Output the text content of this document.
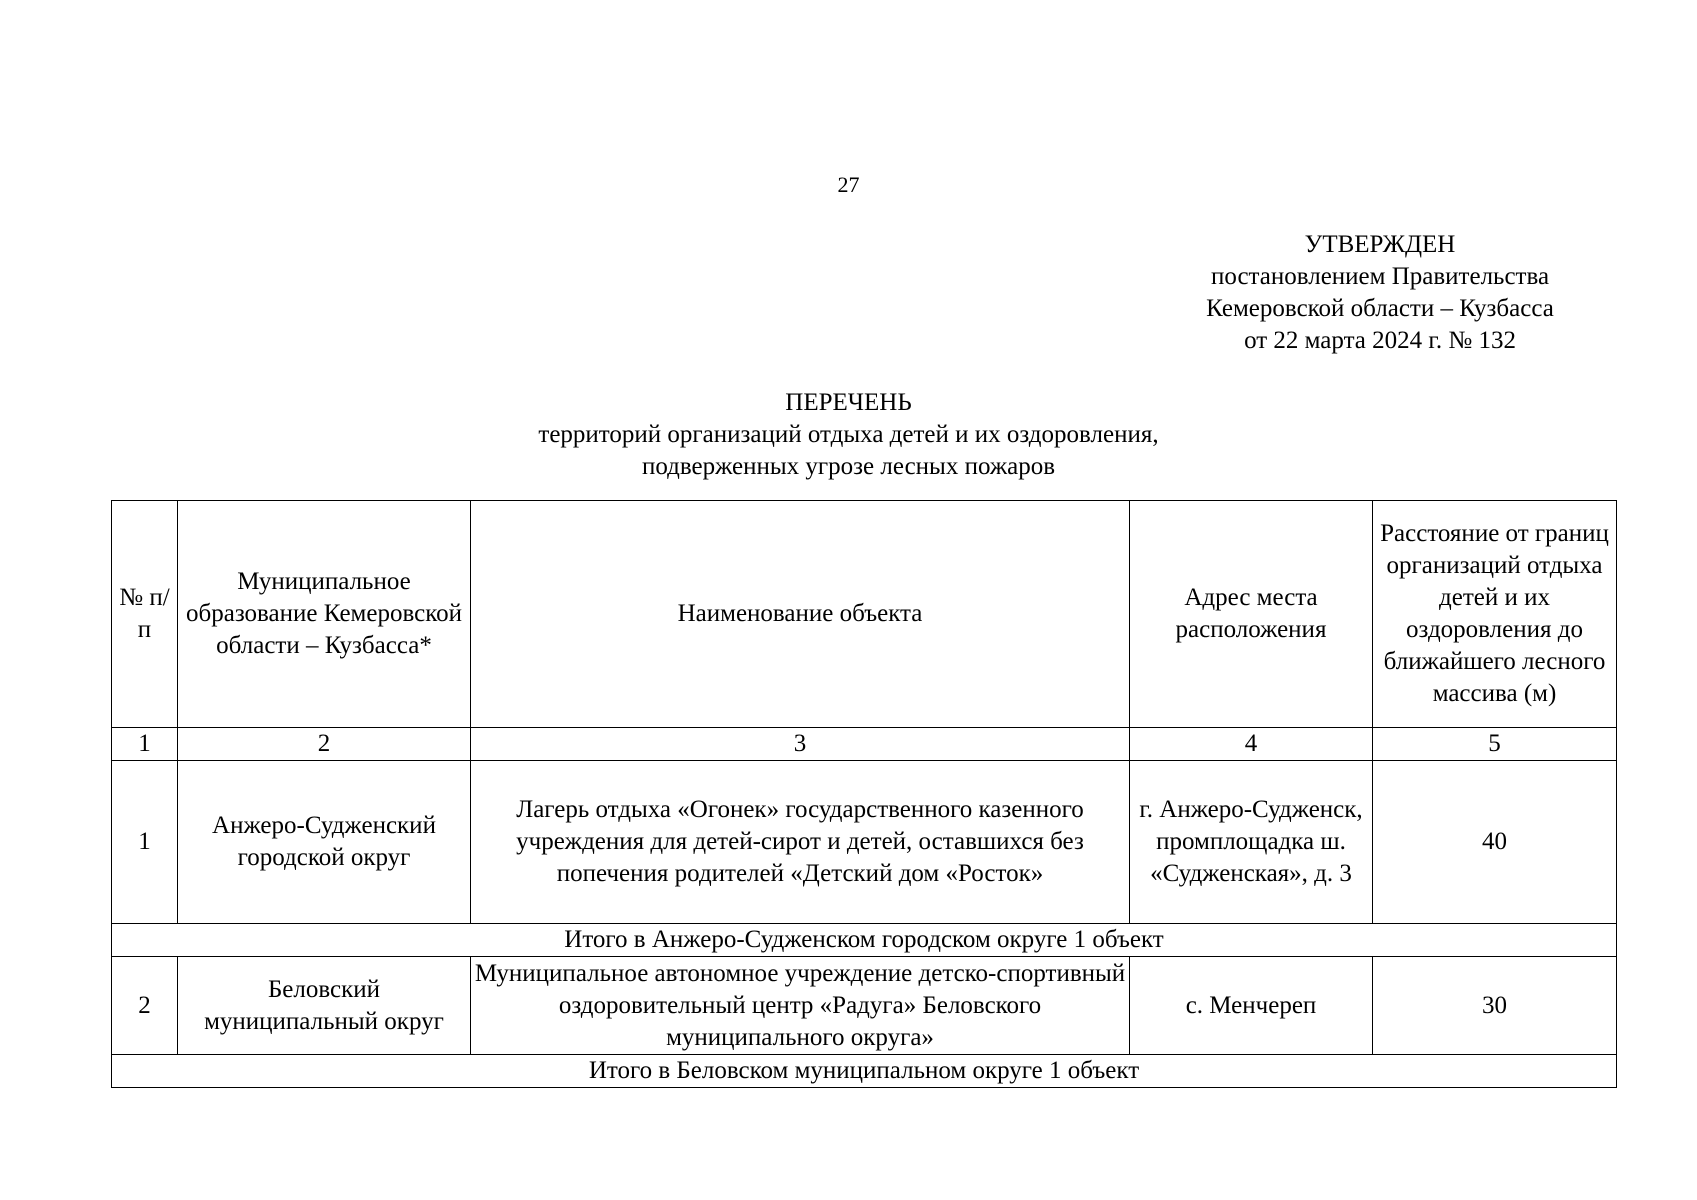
27
УТВЕРЖДЕН
постановлением Правительства
Кемеровской области – Кузбасса
от 22 марта 2024 г. № 132
ПЕРЕЧЕНЬ
территорий организаций отдыха детей и их оздоровления,
подверженных угрозе лесных пожаров
№ п/п	Муниципальное образование Кемеровской области – Кузбасса*	Наименование объекта	Адрес места расположения	Расстояние от границ организаций отдыха детей и их оздоровления до ближайшего лесного массива (м)
1	2	3	4	5
1	Анжеро-Судженский городской округ	Лагерь отдыха «Огонек» государственного казенного учреждения для детей-сирот и детей, оставшихся без попечения родителей «Детский дом «Росток»	г. Анжеро-Судженск, промплощадка ш. «Судженская», д. 3	40
Итого в Анжеро-Судженском городском округе 1 объект				
2	Беловский муниципальный округ	Муниципальное автономное учреждение детско-спортивный оздоровительный центр «Радуга» Беловского муниципального округа»	с. Менчереп	30
Итого в Беловском муниципальном округе 1 объект				
